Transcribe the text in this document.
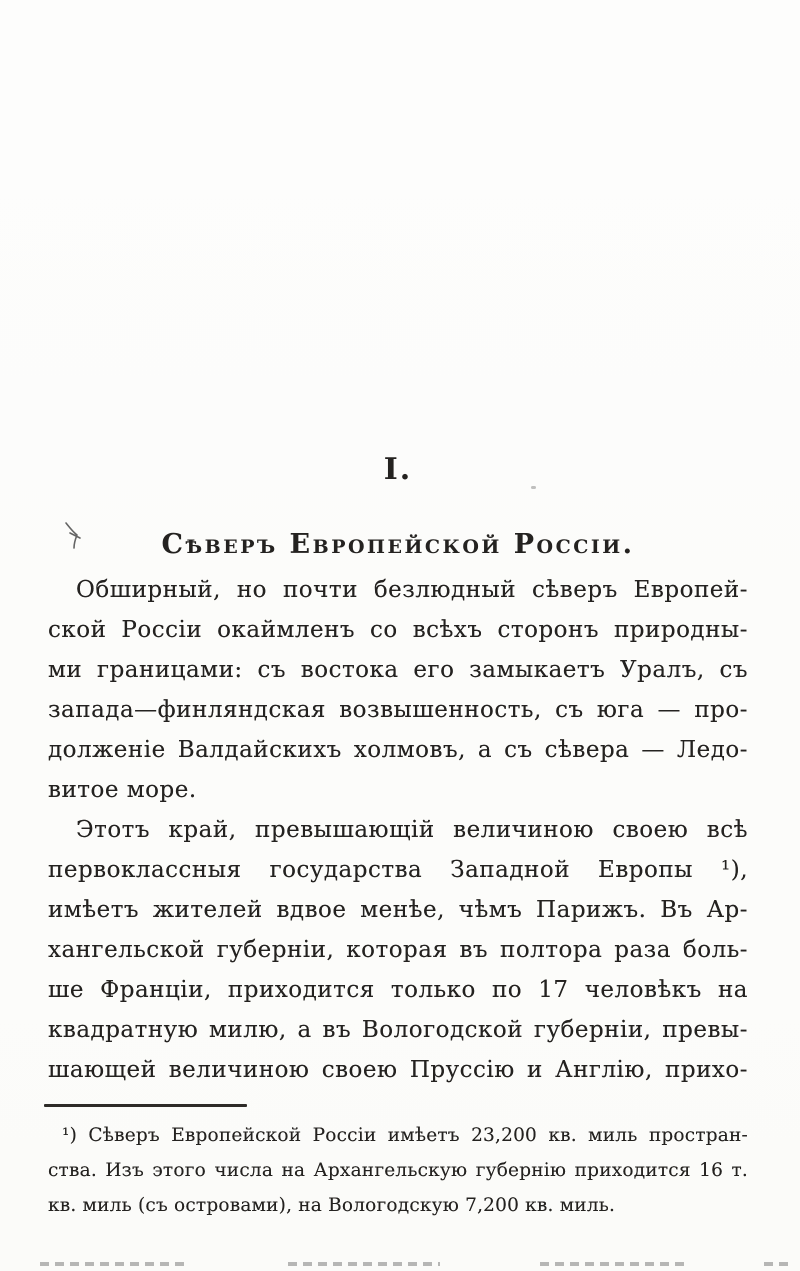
I.
Сѣверъ Европейской Россіи.
Обширный, но почти безлюдный сѣверъ Европей-
ской Россіи окаймленъ со всѣхъ сторонъ природны-
ми границами: съ востока его замыкаетъ Уралъ, съ
запада—финляндская возвышенность, съ юга — про-
долженіе Валдайскихъ холмовъ, а съ сѣвера — Ледо-
витое море.
Этотъ край, превышающій величиною своею всѣ
первоклассныя государства Западной Европы ¹),
имѣетъ жителей вдвое менѣе, чѣмъ Парижъ. Въ Ар-
хангельской губерніи, которая въ полтора раза боль-
ше Франціи, приходится только по 17 человѣкъ на
квадратную милю, а въ Вологодской губерніи, превы-
шающей величиною своею Пруссію и Англію, прихо-
¹) Сѣверъ Европейской Россіи имѣетъ 23,200 кв. миль простран-
ства. Изъ этого числа на Архангельскую губернію приходится 16 т.
кв. миль (съ островами), на Вологодскую 7,200 кв. миль.
